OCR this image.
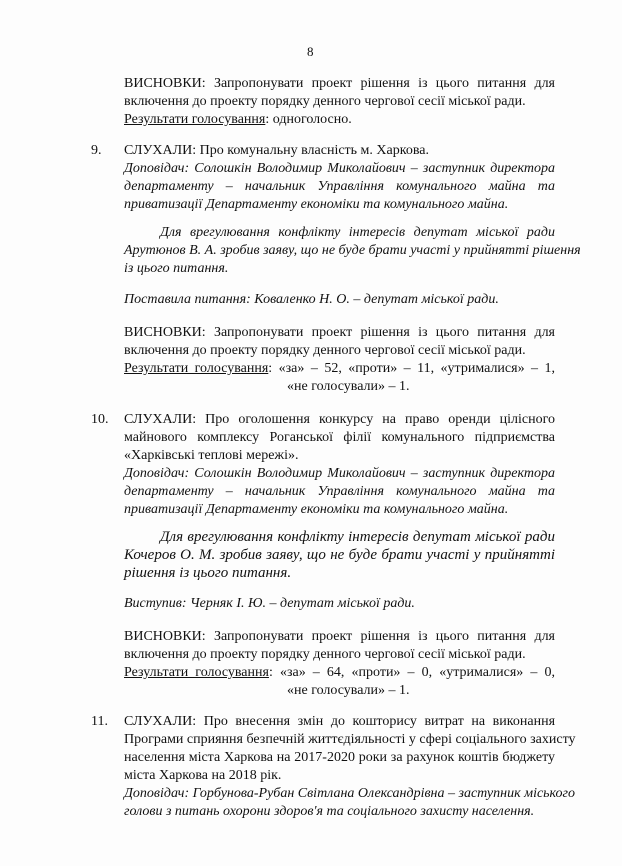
8
ВИСНОВКИ: Запропонувати проект рішення із цього питання для
включення до проекту порядку денного чергової сесії міської ради.
Результати голосування: одноголосно.
9. СЛУХАЛИ: Про комунальну власність м. Харкова.
Доповідач: Солошкін Володимир Миколайович – заступник директора
департаменту – начальник Управління комунального майна та
приватизації Департаменту економіки та комунального майна.
Для врегулювання конфлікту інтересів депутат міської ради
Арутюнов В. А. зробив заяву, що не буде брати участі у прийнятті рішення
із цього питання.
Поставила питання: Коваленко Н. О. – депутат міської ради.
ВИСНОВКИ: Запропонувати проект рішення із цього питання для
включення до проекту порядку денного чергової сесії міської ради.
Результати голосування: «за» – 52, «проти» – 11, «утрималися» – 1,
«не голосували» – 1.
10. СЛУХАЛИ: Про оголошення конкурсу на право оренди цілісного
майнового комплексу Роганської філії комунального підприємства
«Харківські теплові мережі».
Доповідач: Солошкін Володимир Миколайович – заступник директора
департаменту – начальник Управління комунального майна та
приватизації Департаменту економіки та комунального майна.
Для врегулювання конфлікту інтересів депутат міської ради
Кочеров О. М. зробив заяву, що не буде брати участі у прийнятті
рішення із цього питання.
Виступив: Черняк І. Ю. – депутат міської ради.
ВИСНОВКИ: Запропонувати проект рішення із цього питання для
включення до проекту порядку денного чергової сесії міської ради.
Результати голосування: «за» – 64, «проти» – 0, «утрималися» – 0,
«не голосували» – 1.
11. СЛУХАЛИ: Про внесення змін до кошторису витрат на виконання
Програми сприяння безпечній життєдіяльності у сфері соціального захисту
населення міста Харкова на 2017-2020 роки за рахунок коштів бюджету
міста Харкова на 2018 рік.
Доповідач: Горбунова-Рубан Світлана Олександрівна – заступник міського
голови з питань охорони здоров'я та соціального захисту населення.
